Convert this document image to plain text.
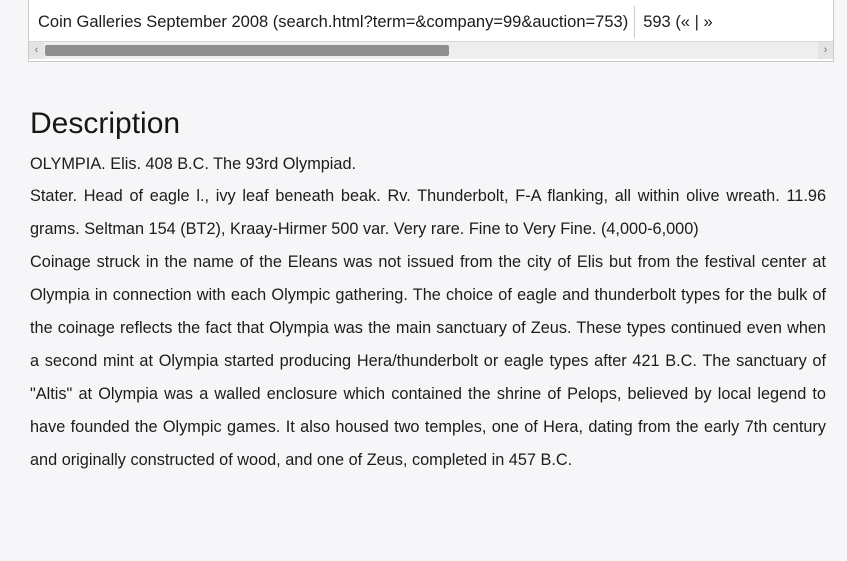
Coin Galleries September 2008 (search.html?term=&company=99&auction=753) 593 (« | »
‹	›
Description

OLYMPIA. Elis. 408 B.C. The 93rd Olympiad.

Stater. Head of eagle l., ivy leaf beneath beak. Rv. Thunderbolt, F-A flanking, all within olive wreath. 11.96 grams. Seltman 154 (BT2), Kraay-Hirmer 500 var. Very rare. Fine to Very Fine. (4,000-6,000)

Coinage struck in the name of the Eleans was not issued from the city of Elis but from the festival center at Olympia in connection with each Olympic gathering. The choice of eagle and thunderbolt types for the bulk of the coinage reflects the fact that Olympia was the main sanctuary of Zeus. These types continued even when a second mint at Olympia started producing Hera/thunderbolt or eagle types after 421 B.C. The sanctuary of "Altis" at Olympia was a walled enclosure which contained the shrine of Pelops, believed by local legend to have founded the Olympic games. It also housed two temples, one of Hera, dating from the early 7th century and originally constructed of wood, and one of Zeus, completed in 457 B.C.
